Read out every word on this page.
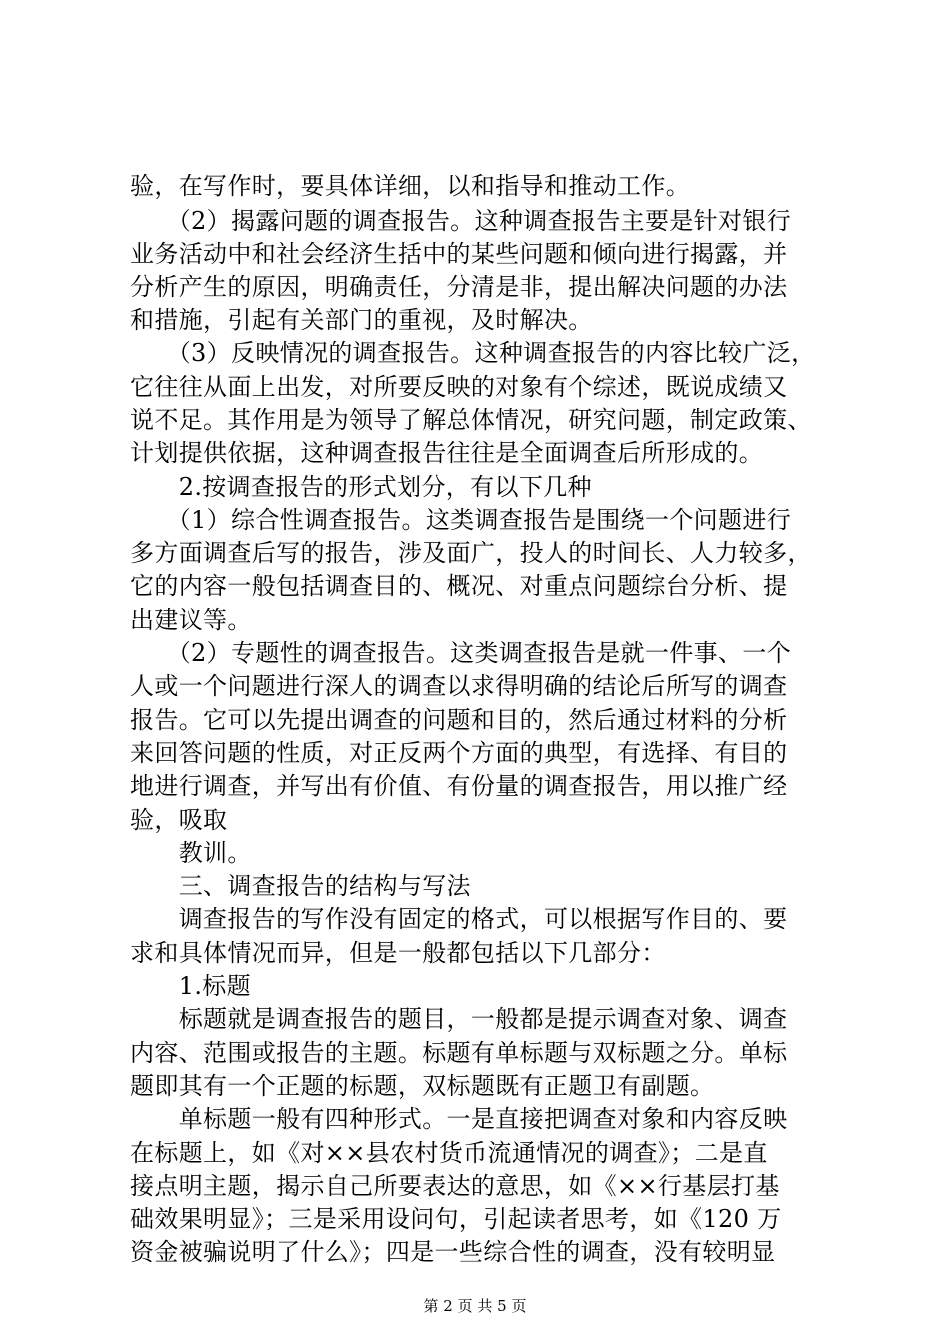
验，在写作时，要具体详细，以和指导和推动工作。
　　（2）揭露问题的调查报告。这种调查报告主要是针对银行
业务活动中和社会经济生括中的某些问题和倾向进行揭露，并
分析产生的原因，明确责任，分清是非，提出解决问题的办法
和措施，引起有关部门的重视，及时解决。
　　（3）反映情况的调查报告。这种调查报告的内容比较广泛，
它往往从面上出发，对所要反映的对象有个综述，既说成绩又
说不足。其作用是为领导了解总体情况，研究问题，制定政策、
计划提供依据，这种调查报告往往是全面调查后所形成的。
　　2.按调查报告的形式划分，有以下几种
　　（1）综合性调查报告。这类调查报告是围绕一个问题进行
多方面调查后写的报告，涉及面广，投人的时间长、人力较多，
它的内容一般包括调查目的、概况、对重点问题综台分析、提
出建议等。
　　（2）专题性的调查报告。这类调查报告是就一件事、一个
人或一个问题进行深人的调查以求得明确的结论后所写的调查
报告。它可以先提出调查的问题和目的，然后通过材料的分析
来回答问题的性质，对正反两个方面的典型，有选择、有目的
地进行调查，并写出有价值、有份量的调查报告，用以推广经
验，吸取
　　教训。
　　三、调查报告的结构与写法
　　调查报告的写作没有固定的格式，可以根据写作目的、要
求和具体情况而异，但是一般都包括以下几部分：
　　1.标题
　　标题就是调查报告的题目，一般都是提示调查对象、调查
内容、范围或报告的主题。标题有单标题与双标题之分。单标
题即其有一个正题的标题，双标题既有正题卫有副题。
　　单标题一般有四种形式。一是直接把调查对象和内容反映
在标题上，如《对××县农村货币流通情况的调查》；二是直
接点明主题，揭示自己所要表达的意思，如《××行基层打基
础效果明显》；三是采用设问句，引起读者思考，如《120 万
资金被骗说明了什么》；四是一些综合性的调查，没有较明显
第 2 页 共 5 页
